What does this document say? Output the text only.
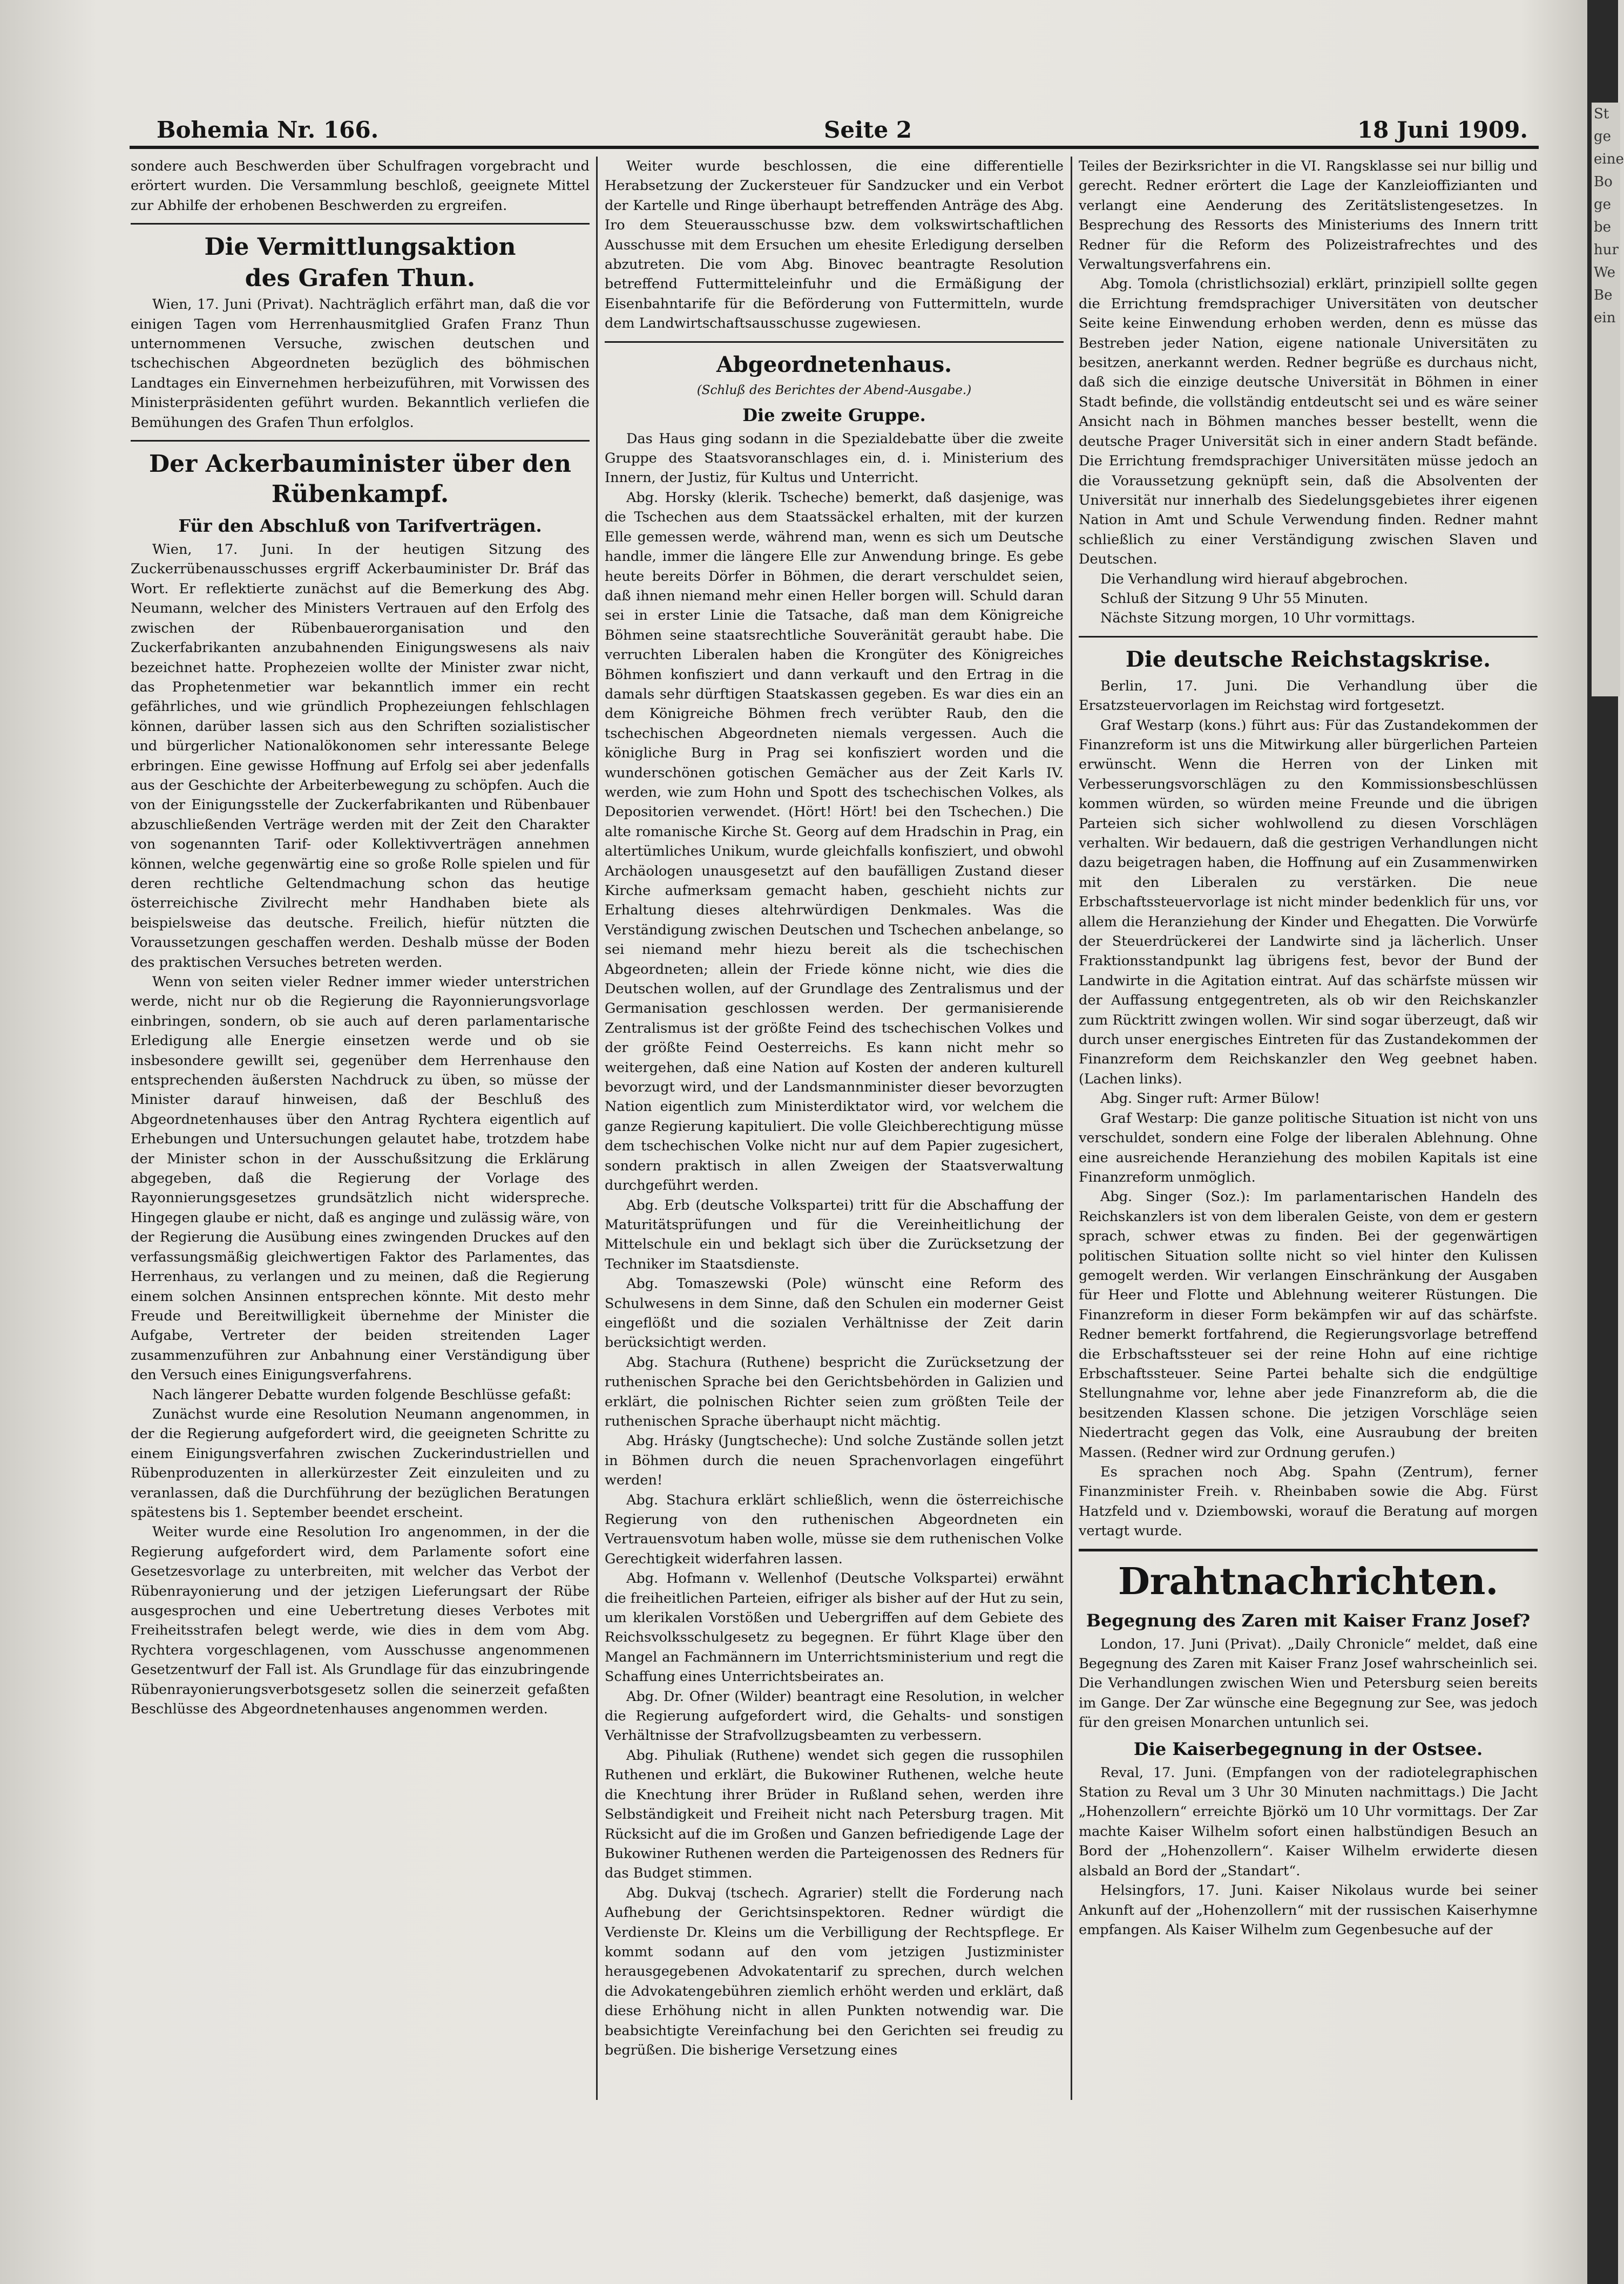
Bohemia Nr. 166.	Seite 2	18 Juni 1909.

sondere auch Beschwerden über Schulfragen vorgebracht und erörtert wurden. Die Versammlung beschloß, geeignete Mittel zur Abhilfe der erhobenen Beschwerden zu ergreifen.

Die Vermittlungsaktion
des Grafen Thun.

Wien, 17. Juni (Privat). Nachträglich erfährt man, daß die vor einigen Tagen vom Herrenhausmitglied Grafen Franz Thun unternommenen Versuche, zwischen deutschen und tschechischen Abgeordneten bezüglich des böhmischen Landtages ein Einvernehmen herbeizuführen, mit Vorwissen des Ministerpräsidenten geführt wurden. Bekanntlich verliefen die Bemühungen des Grafen Thun erfolglos.

Der Ackerbauminister über den Rübenkampf.
Für den Abschluß von Tarifverträgen.

Wien, 17. Juni. In der heutigen Sitzung des Zuckerrübenausschusses ergriff Ackerbauminister Dr. Bráf das Wort. Er reflektierte zunächst auf die Bemerkung des Abg. Neumann, welcher des Ministers Vertrauen auf den Erfolg des zwischen der Rübenbauerorganisation und den Zuckerfabrikanten anzubahnenden Einigungswesens als naiv bezeichnet hatte. Prophezeien wollte der Minister zwar nicht, das Prophetenmetier war bekanntlich immer ein recht gefährliches, und wie gründlich Prophezeiungen fehlschlagen können, darüber lassen sich aus den Schriften sozialistischer und bürgerlicher Nationalökonomen sehr interessante Belege erbringen. Eine gewisse Hoffnung auf Erfolg sei aber jedenfalls aus der Geschichte der Arbeiterbewegung zu schöpfen. Auch die von der Einigungsstelle der Zuckerfabrikanten und Rübenbauer abzuschließenden Verträge werden mit der Zeit den Charakter von sogenannten Tarif- oder Kollektivverträgen annehmen können, welche gegenwärtig eine so große Rolle spielen und für deren rechtliche Geltendmachung schon das heutige österreichische Zivilrecht mehr Handhaben biete als beispielsweise das deutsche. Freilich, hiefür nützten die Voraussetzungen geschaffen werden. Deshalb müsse der Boden des praktischen Versuches betreten werden.

Wenn von seiten vieler Redner immer wieder unterstrichen werde, nicht nur ob die Regierung die Rayonnierungsvorlage einbringen, sondern, ob sie auch auf deren parlamentarische Erledigung alle Energie einsetzen werde und ob sie insbesondere gewillt sei, gegenüber dem Herrenhause den entsprechenden äußersten Nachdruck zu üben, so müsse der Minister darauf hinweisen, daß der Beschluß des Abgeordnetenhauses über den Antrag Rychtera eigentlich auf Erhebungen und Untersuchungen gelautet habe, trotzdem habe der Minister schon in der Ausschußsitzung die Erklärung abgegeben, daß die Regierung der Vorlage des Rayonnierungsgesetzes grundsätzlich nicht widerspreche. Hingegen glaube er nicht, daß es anginge und zulässig wäre, von der Regierung die Ausübung eines zwingenden Druckes auf den verfassungsmäßig gleichwertigen Faktor des Parlamentes, das Herrenhaus, zu verlangen und zu meinen, daß die Regierung einem solchen Ansinnen entsprechen könnte. Mit desto mehr Freude und Bereitwilligkeit übernehme der Minister die Aufgabe, Vertreter der beiden streitenden Lager zusammenzuführen zur Anbahnung einer Verständigung über den Versuch eines Einigungsverfahrens.

Nach längerer Debatte wurden folgende Beschlüsse gefaßt:

Zunächst wurde eine Resolution Neumann angenommen, in der die Regierung aufgefordert wird, die geeigneten Schritte zu einem Einigungsverfahren zwischen Zuckerindustriellen und Rübenproduzenten in allerkürzester Zeit einzuleiten und zu veranlassen, daß die Durchführung der bezüglichen Beratungen spätestens bis 1. September beendet erscheint.

Weiter wurde eine Resolution Iro angenommen, in der die Regierung aufgefordert wird, dem Parlamente sofort eine Gesetzesvorlage zu unterbreiten, mit welcher das Verbot der Rübenrayonierung und der jetzigen Lieferungsart der Rübe ausgesprochen und eine Uebertretung dieses Verbotes mit Freiheitsstrafen belegt werde, wie dies in dem vom Abg. Rychtera vorgeschlagenen, vom Ausschusse angenommenen Gesetzentwurf der Fall ist. Als Grundlage für das einzubringende Rübenrayonierungsverbotsgesetz sollen die seinerzeit gefaßten Beschlüsse des Abgeordnetenhauses angenommen werden.

Weiter wurde beschlossen, die eine differentielle Herabsetzung der Zuckersteuer für Sandzucker und ein Verbot der Kartelle und Ringe überhaupt betreffenden Anträge des Abg. Iro dem Steuerausschusse bzw. dem volkswirtschaftlichen Ausschusse mit dem Ersuchen um ehesite Erledigung derselben abzutreten. Die vom Abg. Binovec beantragte Resolution betreffend Futtermitteleinfuhr und die Ermäßigung der Eisenbahntarife für die Beförderung von Futtermitteln, wurde dem Landwirtschaftsausschusse zugewiesen.

Abgeordnetenhaus.
(Schluß des Berichtes der Abend-Ausgabe.)
Die zweite Gruppe.

Das Haus ging sodann in die Spezialdebatte über die zweite Gruppe des Staatsvoranschlages ein, d. i. Ministerium des Innern, der Justiz, für Kultus und Unterricht.

Abg. Horsky (klerik. Tscheche) bemerkt, daß dasjenige, was die Tschechen aus dem Staatssäckel erhalten, mit der kurzen Elle gemessen werde, während man, wenn es sich um Deutsche handle, immer die längere Elle zur Anwendung bringe. Es gebe heute bereits Dörfer in Böhmen, die derart verschuldet seien, daß ihnen niemand mehr einen Heller borgen will. Schuld daran sei in erster Linie die Tatsache, daß man dem Königreiche Böhmen seine staatsrechtliche Souveränität geraubt habe. Die verruchten Liberalen haben die Krongüter des Königreiches Böhmen konfisziert und dann verkauft und den Ertrag in die damals sehr dürftigen Staatskassen gegeben. Es war dies ein an dem Königreiche Böhmen frech verübter Raub, den die tschechischen Abgeordneten niemals vergessen. Auch die königliche Burg in Prag sei konfisziert worden und die wunderschönen gotischen Gemächer aus der Zeit Karls IV. werden, wie zum Hohn und Spott des tschechischen Volkes, als Depositorien verwendet. (Hört! Hört! bei den Tschechen.) Die alte romanische Kirche St. Georg auf dem Hradschin in Prag, ein altertümliches Unikum, wurde gleichfalls konfisziert, und obwohl Archäologen unausgesetzt auf den baufälligen Zustand dieser Kirche aufmerksam gemacht haben, geschieht nichts zur Erhaltung dieses altehrwürdigen Denkmales. Was die Verständigung zwischen Deutschen und Tschechen anbelange, so sei niemand mehr hiezu bereit als die tschechischen Abgeordneten; allein der Friede könne nicht, wie dies die Deutschen wollen, auf der Grundlage des Zentralismus und der Germanisation geschlossen werden. Der germanisierende Zentralismus ist der größte Feind des tschechischen Volkes und der größte Feind Oesterreichs. Es kann nicht mehr so weitergehen, daß eine Nation auf Kosten der anderen kulturell bevorzugt wird, und der Landsmannminister dieser bevorzugten Nation eigentlich zum Ministerdiktator wird, vor welchem die ganze Regierung kapituliert. Die volle Gleichberechtigung müsse dem tschechischen Volke nicht nur auf dem Papier zugesichert, sondern praktisch in allen Zweigen der Staatsverwaltung durchgeführt werden.

Abg. Erb (deutsche Volkspartei) tritt für die Abschaffung der Maturitätsprüfungen und für die Vereinheitlichung der Mittelschule ein und beklagt sich über die Zurücksetzung der Techniker im Staatsdienste.

Abg. Tomaszewski (Pole) wünscht eine Reform des Schulwesens in dem Sinne, daß den Schulen ein moderner Geist eingeflößt und die sozialen Verhältnisse der Zeit darin berücksichtigt werden.

Abg. Stachura (Ruthene) bespricht die Zurücksetzung der ruthenischen Sprache bei den Gerichtsbehörden in Galizien und erklärt, die polnischen Richter seien zum größten Teile der ruthenischen Sprache überhaupt nicht mächtig.

Abg. Hrásky (Jungtscheche): Und solche Zustände sollen jetzt in Böhmen durch die neuen Sprachenvorlagen eingeführt werden!

Abg. Stachura erklärt schließlich, wenn die österreichische Regierung von den ruthenischen Abgeordneten ein Vertrauensvotum haben wolle, müsse sie dem ruthenischen Volke Gerechtigkeit widerfahren lassen.

Abg. Hofmann v. Wellenhof (Deutsche Volkspartei) erwähnt die freiheitlichen Parteien, eifriger als bisher auf der Hut zu sein, um klerikalen Vorstößen und Uebergriffen auf dem Gebiete des Reichsvolksschulgesetz zu begegnen. Er führt Klage über den Mangel an Fachmännern im Unterrichtsministerium und regt die Schaffung eines Unterrichtsbeirates an.

Abg. Dr. Ofner (Wilder) beantragt eine Resolution, in welcher die Regierung aufgefordert wird, die Gehalts- und sonstigen Verhältnisse der Strafvollzugsbeamten zu verbessern.

Abg. Pihuliak (Ruthene) wendet sich gegen die russophilen Ruthenen und erklärt, die Bukowiner Ruthenen, welche heute die Knechtung ihrer Brüder in Rußland sehen, werden ihre Selbständigkeit und Freiheit nicht nach Petersburg tragen. Mit Rücksicht auf die im Großen und Ganzen befriedigende Lage der Bukowiner Ruthenen werden die Parteigenossen des Redners für das Budget stimmen.

Abg. Dukvaj (tschech. Agrarier) stellt die Forderung nach Aufhebung der Gerichtsinspektoren. Redner würdigt die Verdienste Dr. Kleins um die Verbilligung der Rechtspflege. Er kommt sodann auf den vom jetzigen Justizminister herausgegebenen Advokatentarif zu sprechen, durch welchen die Advokatengebühren ziemlich erhöht werden und erklärt, daß diese Erhöhung nicht in allen Punkten notwendig war. Die beabsichtigte Vereinfachung bei den Gerichten sei freudig zu begrüßen. Die bisherige Versetzung eines

Teiles der Bezirksrichter in die VI. Rangsklasse sei nur billig und gerecht. Redner erörtert die Lage der Kanzleioffizianten und verlangt eine Aenderung des Zeritätslistengesetzes. In Besprechung des Ressorts des Ministeriums des Innern tritt Redner für die Reform des Polizeistrafrechtes und des Verwaltungsverfahrens ein.

Abg. Tomola (christlichsozial) erklärt, prinzipiell sollte gegen die Errichtung fremdsprachiger Universitäten von deutscher Seite keine Einwendung erhoben werden, denn es müsse das Bestreben jeder Nation, eigene nationale Universitäten zu besitzen, anerkannt werden. Redner begrüße es durchaus nicht, daß sich die einzige deutsche Universität in Böhmen in einer Stadt befinde, die vollständig entdeutscht sei und es wäre seiner Ansicht nach in Böhmen manches besser bestellt, wenn die deutsche Prager Universität sich in einer andern Stadt befände. Die Errichtung fremdsprachiger Universitäten müsse jedoch an die Voraussetzung geknüpft sein, daß die Absolventen der Universität nur innerhalb des Siedelungsgebietes ihrer eigenen Nation in Amt und Schule Verwendung finden. Redner mahnt schließlich zu einer Verständigung zwischen Slaven und Deutschen.

Die Verhandlung wird hierauf abgebrochen.

Schluß der Sitzung 9 Uhr 55 Minuten.

Nächste Sitzung morgen, 10 Uhr vormittags.

Die deutsche Reichstagskrise.

Berlin, 17. Juni. Die Verhandlung über die Ersatzsteuervorlagen im Reichstag wird fortgesetzt.

Graf Westarp (kons.) führt aus: Für das Zustandekommen der Finanzreform ist uns die Mitwirkung aller bürgerlichen Parteien erwünscht. Wenn die Herren von der Linken mit Verbesserungsvorschlägen zu den Kommissionsbeschlüssen kommen würden, so würden meine Freunde und die übrigen Parteien sich sicher wohlwollend zu diesen Vorschlägen verhalten. Wir bedauern, daß die gestrigen Verhandlungen nicht dazu beigetragen haben, die Hoffnung auf ein Zusammenwirken mit den Liberalen zu verstärken. Die neue Erbschaftssteuervorlage ist nicht minder bedenklich für uns, vor allem die Heranziehung der Kinder und Ehegatten. Die Vorwürfe der Steuerdrückerei der Landwirte sind ja lächerlich. Unser Fraktionsstandpunkt lag übrigens fest, bevor der Bund der Landwirte in die Agitation eintrat. Auf das schärfste müssen wir der Auffassung entgegentreten, als ob wir den Reichskanzler zum Rücktritt zwingen wollen. Wir sind sogar überzeugt, daß wir durch unser energisches Eintreten für das Zustandekommen der Finanzreform dem Reichskanzler den Weg geebnet haben. (Lachen links).

Abg. Singer ruft: Armer Bülow!

Graf Westarp: Die ganze politische Situation ist nicht von uns verschuldet, sondern eine Folge der liberalen Ablehnung. Ohne eine ausreichende Heranziehung des mobilen Kapitals ist eine Finanzreform unmöglich.

Abg. Singer (Soz.): Im parlamentarischen Handeln des Reichskanzlers ist von dem liberalen Geiste, von dem er gestern sprach, schwer etwas zu finden. Bei der gegenwärtigen politischen Situation sollte nicht so viel hinter den Kulissen gemogelt werden. Wir verlangen Einschränkung der Ausgaben für Heer und Flotte und Ablehnung weiterer Rüstungen. Die Finanzreform in dieser Form bekämpfen wir auf das schärfste. Redner bemerkt fortfahrend, die Regierungsvorlage betreffend die Erbschaftssteuer sei der reine Hohn auf eine richtige Erbschaftssteuer. Seine Partei behalte sich die endgültige Stellungnahme vor, lehne aber jede Finanzreform ab, die die besitzenden Klassen schone. Die jetzigen Vorschläge seien Niedertracht gegen das Volk, eine Ausraubung der breiten Massen. (Redner wird zur Ordnung gerufen.)

Es sprachen noch Abg. Spahn (Zentrum), ferner Finanzminister Freih. v. Rheinbaben sowie die Abg. Fürst Hatzfeld und v. Dziembowski, worauf die Beratung auf morgen vertagt wurde.

Drahtnachrichten.
Begegnung des Zaren mit Kaiser Franz Josef?

London, 17. Juni (Privat). „Daily Chronicle“ meldet, daß eine Begegnung des Zaren mit Kaiser Franz Josef wahrscheinlich sei. Die Verhandlungen zwischen Wien und Petersburg seien bereits im Gange. Der Zar wünsche eine Begegnung zur See, was jedoch für den greisen Monarchen untunlich sei.

Die Kaiserbegegnung in der Ostsee.

Reval, 17. Juni. (Empfangen von der radiotelegraphischen Station zu Reval um 3 Uhr 30 Minuten nachmittags.) Die Jacht „Hohenzollern“ erreichte Björkö um 10 Uhr vormittags. Der Zar machte Kaiser Wilhelm sofort einen halbstündigen Besuch an Bord der „Hohenzollern“. Kaiser Wilhelm erwiderte diesen alsbald an Bord der „Standart“.

Helsingfors, 17. Juni. Kaiser Nikolaus wurde bei seiner Ankunft auf der „Hohenzollern“ mit der russischen Kaiserhymne empfangen. Als Kaiser Wilhelm zum Gegenbesuche auf der

St
ge
eine
Bo
ge
be
hur
We
Be
ein
